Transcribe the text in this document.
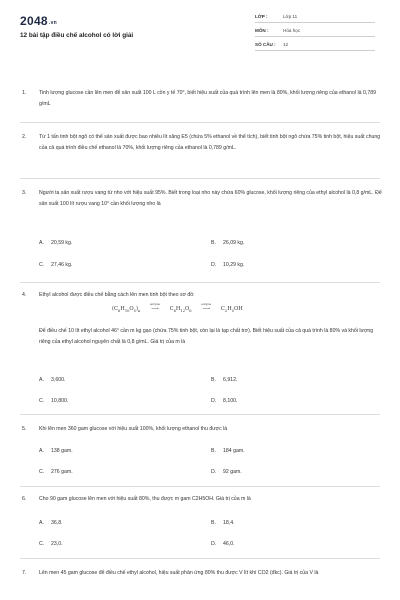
2048.vn
12 bài tập điều chế alcohol có lời giải
LỚP :	Lớp 11
MÔN :	Hóa học
SỐ CÂU : 12
1. Tinh lượng glucose cần lên men để sản xuất 100 L cồn y tế 70°, biết hiệu suất của quá trình lên men là 80%, khối lượng riêng của ethanol là 0,789 g/mL
2. Từ 1 tấn tinh bột ngô có thể sản xuất được bao nhiêu lít xăng E5 (chứa 5% ethanol về thể tích), biết tinh bột ngô chứa 75% tinh bột, hiệu suất chung của cả quá trình điều chế ethanol là 70%, khối lượng riêng của ethanol là 0,789 g/mL.
3. Người ta sản xuất rượu vang từ nho với hiệu suất 95%. Biết trong loại nho này chứa 60% glucose, khối lượng riêng của ethyl alcohol là 0,8 g/mL. Để sản xuất 100 lít rượu vang 10° cần khối lượng nho là
A. 20,59 kg.	B. 26,09 kg.
C. 27,46 kg.	D. 10,29 kg.
4. Ethyl alcohol được điều chế bằng cách lên men tinh bột theo sơ đồ:
$(C_6H_{10}O_5)_n$
enzyme
⟶ $C_6H_{12}O_6$
enzyme
⟶ $C_2H_5OH$
Để điều chế 10 lít ethyl alcohol 46° cần m kg gạo (chứa 75% tinh bột, còn lại là tạp chất trơ). Biết hiệu suất của cả quá trình là 80% và khối lượng riêng của ethyl alcohol nguyên chất là 0,8 g/mL. Giá trị của m là
A. 3,600.	B. 6,912.
C. 10,800.	D. 8,100.
5. Khi lên men 360 gam glucose với hiệu suất 100%, khối lượng ethanol thu được là
A. 138 gam.	B. 184 gam.
C. 276 gam.	D. 92 gam.
6. Cho 90 gam glucose lên men với hiệu suất 80%, thu được m gam C2H5OH. Giá trị của m là
A. 36,8.	B. 18,4.
C. 23,0.	D. 46,0.
7. Lên men 45 gam glucose để điều chế ethyl alcohol, hiệu suất phản ứng 80% thu được V lít khí CO2 (đkc). Giá trị của V là
